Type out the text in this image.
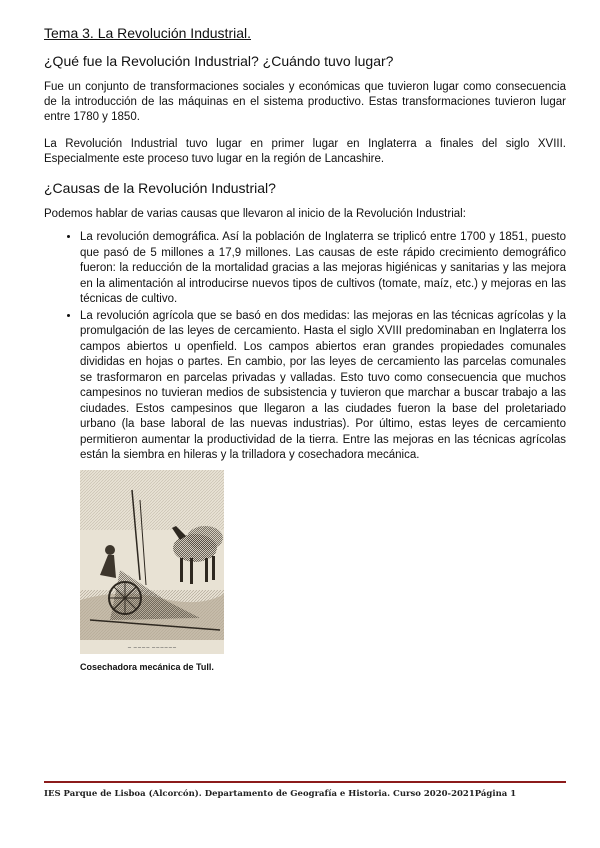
Tema 3. La Revolución Industrial.
¿Qué fue la Revolución Industrial? ¿Cuándo tuvo lugar?

Fue un conjunto de transformaciones sociales y económicas que tuvieron lugar como consecuencia de la introducción de las máquinas en el sistema productivo. Estas transformaciones tuvieron lugar entre 1780 y 1850.

La Revolución Industrial tuvo lugar en primer lugar en Inglaterra a finales del siglo XVIII. Especialmente este proceso tuvo lugar en la región de Lancashire.

¿Causas de la Revolución Industrial?

Podemos hablar de varias causas que llevaron al inicio de la Revolución Industrial:

• La revolución demográfica. Así la población de Inglaterra se triplicó entre 1700 y 1851, puesto que pasó de 5 millones a 17,9 millones. Las causas de este rápido crecimiento demográfico fueron: la reducción de la mortalidad gracias a las mejoras higiénicas y sanitarias y las mejora en la alimentación al introducirse nuevos tipos de cultivos (tomate, maíz, etc.) y mejoras en las técnicas de cultivo.
• La revolución agrícola que se basó en dos medidas: las mejoras en las técnicas agrícolas y la promulgación de las leyes de cercamiento. Hasta el siglo XVIII predominaban en Inglaterra los campos abiertos u openfield. Los campos abiertos eran grandes propiedades comunales divididas en hojas o partes. En cambio, por las leyes de cercamiento las parcelas comunales se trasformaron en parcelas privadas y valladas. Esto tuvo como consecuencia que muchos campesinos no tuvieran medios de subsistencia y tuvieron que marchar a buscar trabajo a las ciudades. Estos campesinos que llegaron a las ciudades fueron la base del proletariado urbano (la base laboral de las nuevas industrias). Por último, estas leyes de cercamiento permitieron aumentar la productividad de la tierra. Entre las mejoras en las técnicas agrícolas están la siembra en hileras y la trilladora y cosechadora mecánica.
~ ~~~~ ~~~~~~
Cosechadora mecánica de Tull.
IES Parque de Lisboa (Alcorcón). Departamento de Geografía e Historia. Curso 2020-2021Página 1
